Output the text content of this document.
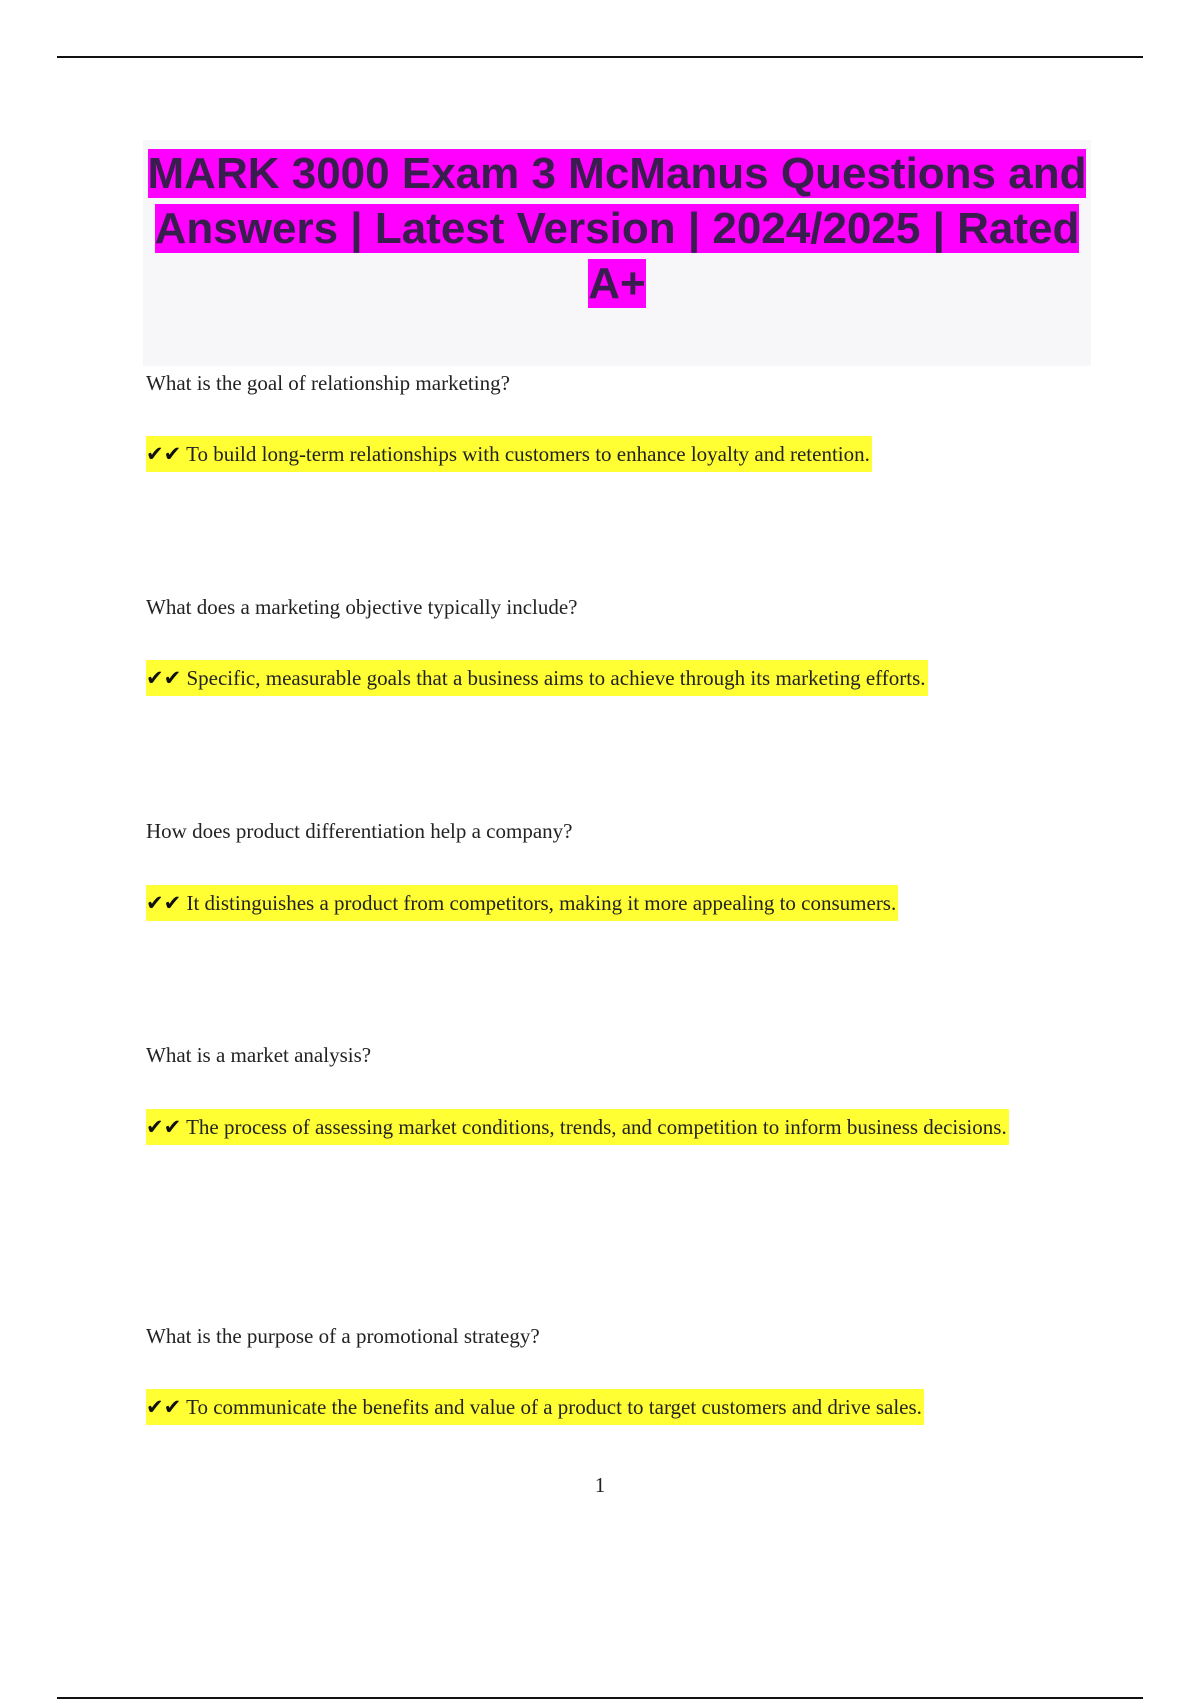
MARK 3000 Exam 3 McManus Questions and Answers | Latest Version | 2024/2025 | Rated A+

What is the goal of relationship marketing?

✔✔ To build long-term relationships with customers to enhance loyalty and retention.

What does a marketing objective typically include?

✔✔ Specific, measurable goals that a business aims to achieve through its marketing efforts.

How does product differentiation help a company?

✔✔ It distinguishes a product from competitors, making it more appealing to consumers.

What is a market analysis?

✔✔ The process of assessing market conditions, trends, and competition to inform business decisions.

What is the purpose of a promotional strategy?

✔✔ To communicate the benefits and value of a product to target customers and drive sales.

1
